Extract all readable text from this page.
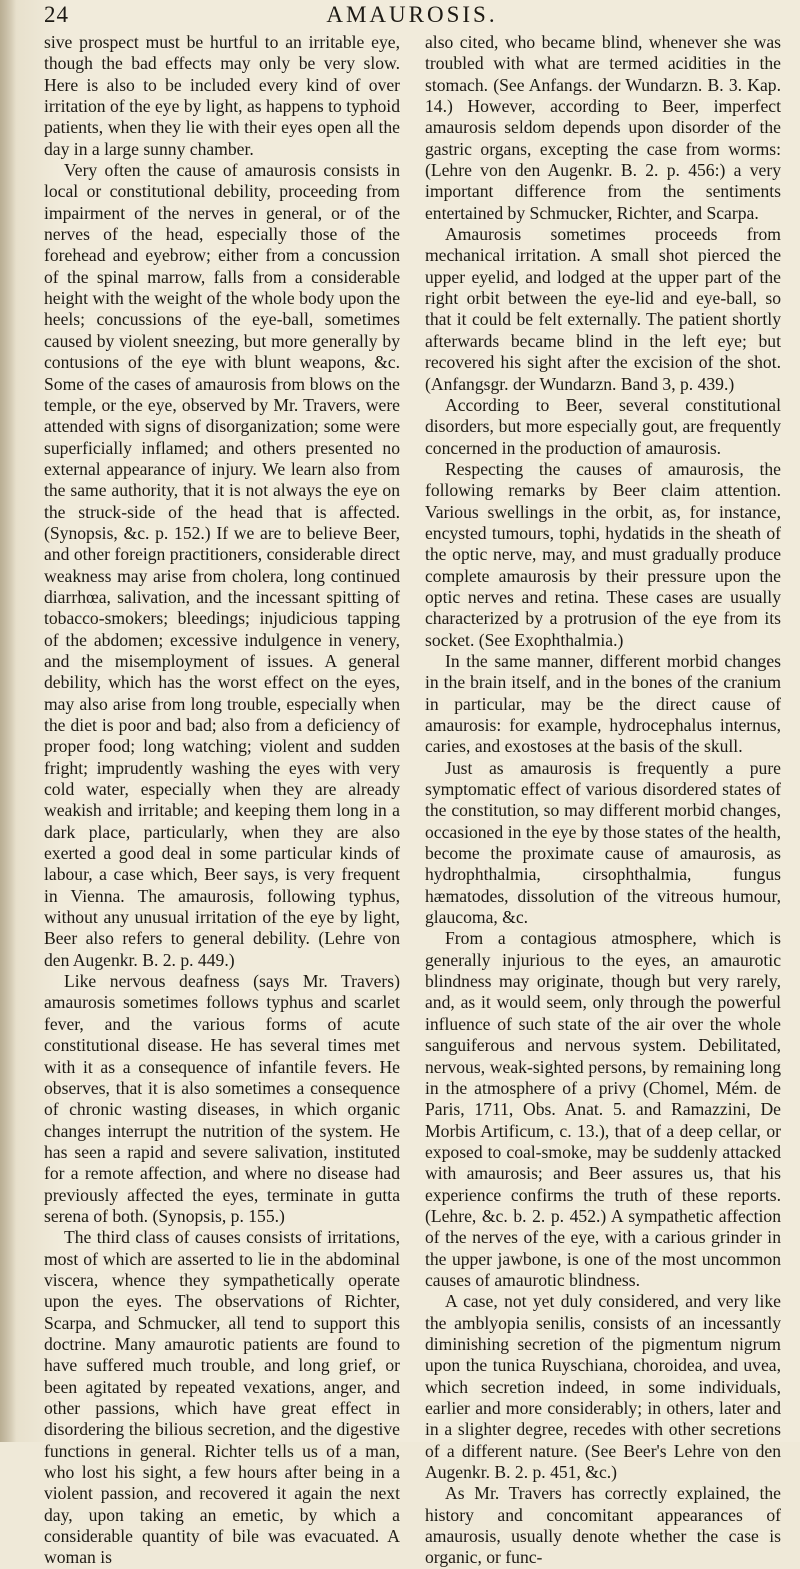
24	AMAUROSIS.

sive prospect must be hurtful to an irritable eye, though the bad effects may only be very slow. Here is also to be included every kind of over irritation of the eye by light, as happens to typhoid patients, when they lie with their eyes open all the day in a large sunny chamber.

Very often the cause of amaurosis consists in local or constitutional debility, proceeding from impairment of the nerves in general, or of the nerves of the head, especially those of the forehead and eyebrow; either from a concussion of the spinal marrow, falls from a considerable height with the weight of the whole body upon the heels; concussions of the eye-ball, sometimes caused by violent sneezing, but more generally by contusions of the eye with blunt weapons, &c. Some of the cases of amaurosis from blows on the temple, or the eye, observed by Mr. Travers, were attended with signs of disorganization; some were superficially inflamed; and others presented no external appearance of injury. We learn also from the same authority, that it is not always the eye on the struck-side of the head that is affected. (Synopsis, &c. p. 152.) If we are to believe Beer, and other foreign practitioners, considerable direct weakness may arise from cholera, long continued diarrhœa, salivation, and the incessant spitting of tobacco-smokers; bleedings; injudicious tapping of the abdomen; excessive indulgence in venery, and the misemployment of issues. A general debility, which has the worst effect on the eyes, may also arise from long trouble, especially when the diet is poor and bad; also from a deficiency of proper food; long watching; violent and sudden fright; imprudently washing the eyes with very cold water, especially when they are already weakish and irritable; and keeping them long in a dark place, particularly, when they are also exerted a good deal in some particular kinds of labour, a case which, Beer says, is very frequent in Vienna. The amaurosis, following typhus, without any unusual irritation of the eye by light, Beer also refers to general debility. (Lehre von den Augenkr. B. 2. p. 449.)

Like nervous deafness (says Mr. Travers) amaurosis sometimes follows typhus and scarlet fever, and the various forms of acute constitutional disease. He has several times met with it as a consequence of infantile fevers. He observes, that it is also sometimes a consequence of chronic wasting diseases, in which organic changes interrupt the nutrition of the system. He has seen a rapid and severe salivation, instituted for a remote affection, and where no disease had previously affected the eyes, terminate in gutta serena of both. (Synopsis, p. 155.)

The third class of causes consists of irritations, most of which are asserted to lie in the abdominal viscera, whence they sympathetically operate upon the eyes. The observations of Richter, Scarpa, and Schmucker, all tend to support this doctrine. Many amaurotic patients are found to have suffered much trouble, and long grief, or been agitated by repeated vexations, anger, and other passions, which have great effect in disordering the bilious secretion, and the digestive functions in general. Richter tells us of a man, who lost his sight, a few hours after being in a violent passion, and recovered it again the next day, upon taking an emetic, by which a considerable quantity of bile was evacuated. A woman is

also cited, who became blind, whenever she was troubled with what are termed acidities in the stomach. (See Anfangs. der Wundarzn. B. 3. Kap. 14.) However, according to Beer, imperfect amaurosis seldom depends upon disorder of the gastric organs, excepting the case from worms: (Lehre von den Augenkr. B. 2. p. 456:) a very important difference from the sentiments entertained by Schmucker, Richter, and Scarpa.

Amaurosis sometimes proceeds from mechanical irritation. A small shot pierced the upper eyelid, and lodged at the upper part of the right orbit between the eye-lid and eye-ball, so that it could be felt externally. The patient shortly afterwards became blind in the left eye; but recovered his sight after the excision of the shot. (Anfangsgr. der Wundarzn. Band 3, p. 439.)

According to Beer, several constitutional disorders, but more especially gout, are frequently concerned in the production of amaurosis.

Respecting the causes of amaurosis, the following remarks by Beer claim attention. Various swellings in the orbit, as, for instance, encysted tumours, tophi, hydatids in the sheath of the optic nerve, may, and must gradually produce complete amaurosis by their pressure upon the optic nerves and retina. These cases are usually characterized by a protrusion of the eye from its socket. (See Exophthalmia.)

In the same manner, different morbid changes in the brain itself, and in the bones of the cranium in particular, may be the direct cause of amaurosis: for example, hydrocephalus internus, caries, and exostoses at the basis of the skull.

Just as amaurosis is frequently a pure symptomatic effect of various disordered states of the constitution, so may different morbid changes, occasioned in the eye by those states of the health, become the proximate cause of amaurosis, as hydrophthalmia, cirsophthalmia, fungus hæmatodes, dissolution of the vitreous humour, glaucoma, &c.

From a contagious atmosphere, which is generally injurious to the eyes, an amaurotic blindness may originate, though but very rarely, and, as it would seem, only through the powerful influence of such state of the air over the whole sanguiferous and nervous system. Debilitated, nervous, weak-sighted persons, by remaining long in the atmosphere of a privy (Chomel, Mém. de Paris, 1711, Obs. Anat. 5. and Ramazzini, De Morbis Artificum, c. 13.), that of a deep cellar, or exposed to coal-smoke, may be suddenly attacked with amaurosis; and Beer assures us, that his experience confirms the truth of these reports. (Lehre, &c. b. 2. p. 452.) A sympathetic affection of the nerves of the eye, with a carious grinder in the upper jawbone, is one of the most uncommon causes of amaurotic blindness.

A case, not yet duly considered, and very like the amblyopia senilis, consists of an incessantly diminishing secretion of the pigmentum nigrum upon the tunica Ruyschiana, choroidea, and uvea, which secretion indeed, in some individuals, earlier and more considerably; in others, later and in a slighter degree, recedes with other secretions of a different nature. (See Beer's Lehre von den Augenkr. B. 2. p. 451, &c.)

As Mr. Travers has correctly explained, the history and concomitant appearances of amaurosis, usually denote whether the case is organic, or func-
